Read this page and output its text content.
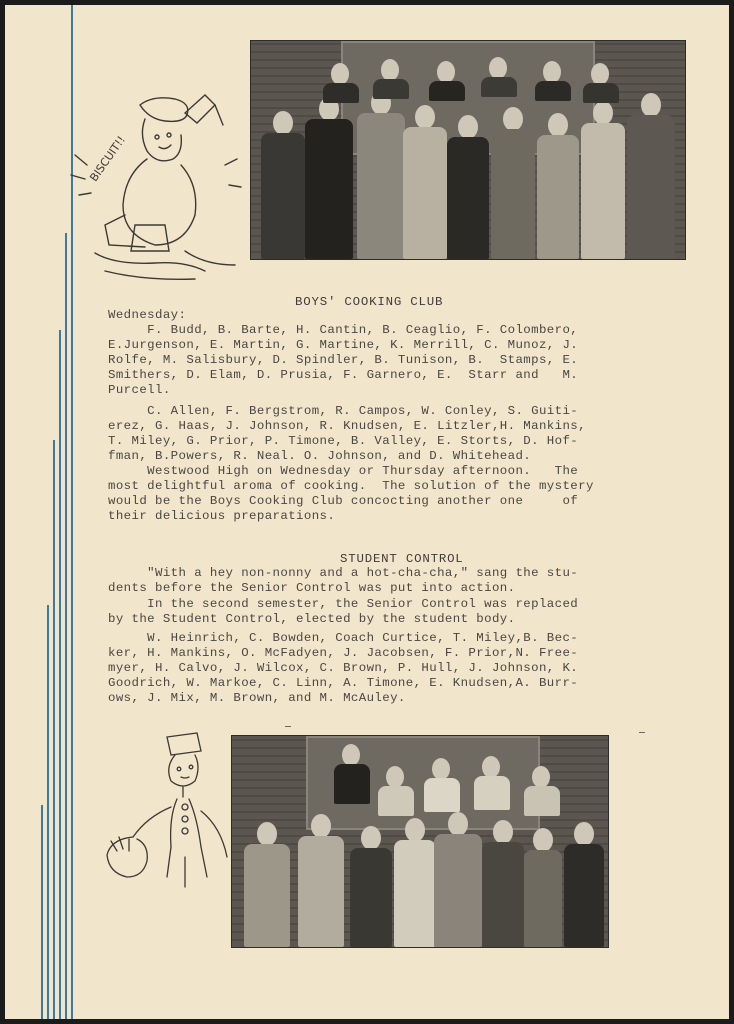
BISCUIT!!
BOYS' COOKING CLUB
Wednesday:
F. Budd, B. Barte, H. Cantin, B. Ceaglio, F. Colombero,
E.Jurgenson, E. Martin, G. Martine, K. Merrill, C. Munoz, J.
Rolfe, M. Salisbury, D. Spindler, B. Tunison, B.  Stamps, E.
Smithers, D. Elam, D. Prusia, F. Garnero, E.  Starr and   M.
Purcell.
C. Allen, F. Bergstrom, R. Campos, W. Conley, S. Guiti-
erez, G. Haas, J. Johnson, R. Knudsen, E. Litzler,H. Mankins,
T. Miley, G. Prior, P. Timone, B. Valley, E. Storts, D. Hof-
fman, B.Powers, R. Neal. O. Johnson, and D. Whitehead.
Westwood High on Wednesday or Thursday afternoon.   The
most delightful aroma of cooking.  The solution of the mystery
would be the Boys Cooking Club concocting another one     of
their delicious preparations.
STUDENT CONTROL
"With a hey non-nonny and a hot-cha-cha," sang the stu-
dents before the Senior Control was put into action.
In the second semester, the Senior Control was replaced
by the Student Control, elected by the student body.
W. Heinrich, C. Bowden, Coach Curtice, T. Miley,B. Bec-
ker, H. Mankins, O. McFadyen, J. Jacobsen, F. Prior,N. Free-
myer, H. Calvo, J. Wilcox, C. Brown, P. Hull, J. Johnson, K.
Goodrich, W. Markoe, C. Linn, A. Timone, E. Knudsen,A. Burr-
ows, J. Mix, M. Brown, and M. McAuley.
